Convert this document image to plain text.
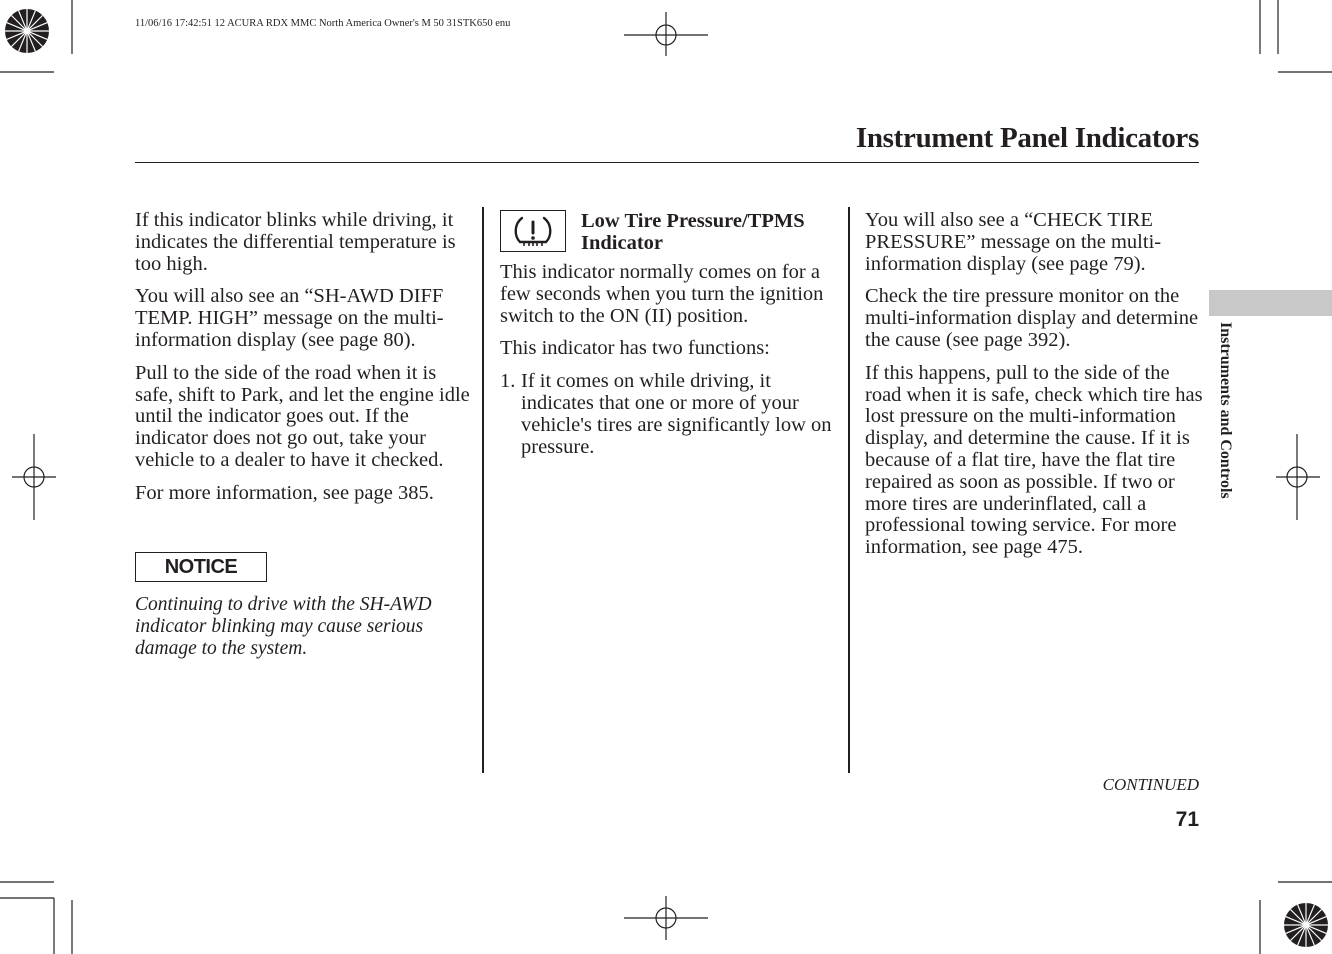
11/06/16 17:42:51 12 ACURA RDX MMC North America Owner's M 50 31STK650 enu
Instrument Panel Indicators

If this indicator blinks while driving, it indicates the differential temperature is too high.

You will also see an “SH-AWD DIFF TEMP. HIGH” message on the multi-information display (see page 80).

Pull to the side of the road when it is safe, shift to Park, and let the engine idle until the indicator goes out. If the indicator does not go out, take your vehicle to a dealer to have it checked.

For more information, see page 385.

NOTICE
Continuing to drive with the SH-AWD indicator blinking may cause serious damage to the system.
Low Tire Pressure/TPMS Indicator

This indicator normally comes on for a few seconds when you turn the ignition switch to the ON (II) position.

This indicator has two functions:

1. If it comes on while driving, it indicates that one or more of your vehicle's tires are significantly low on pressure.

You will also see a “CHECK TIRE PRESSURE” message on the multi-information display (see page 79).

Check the tire pressure monitor on the multi-information display and determine the cause (see page 392).

If this happens, pull to the side of the road when it is safe, check which tire has lost pressure on the multi-information display, and determine the cause. If it is because of a flat tire, have the flat tire repaired as soon as possible. If two or more tires are underinflated, call a professional towing service. For more information, see page 475.

Instruments and Controls
CONTINUED
71
